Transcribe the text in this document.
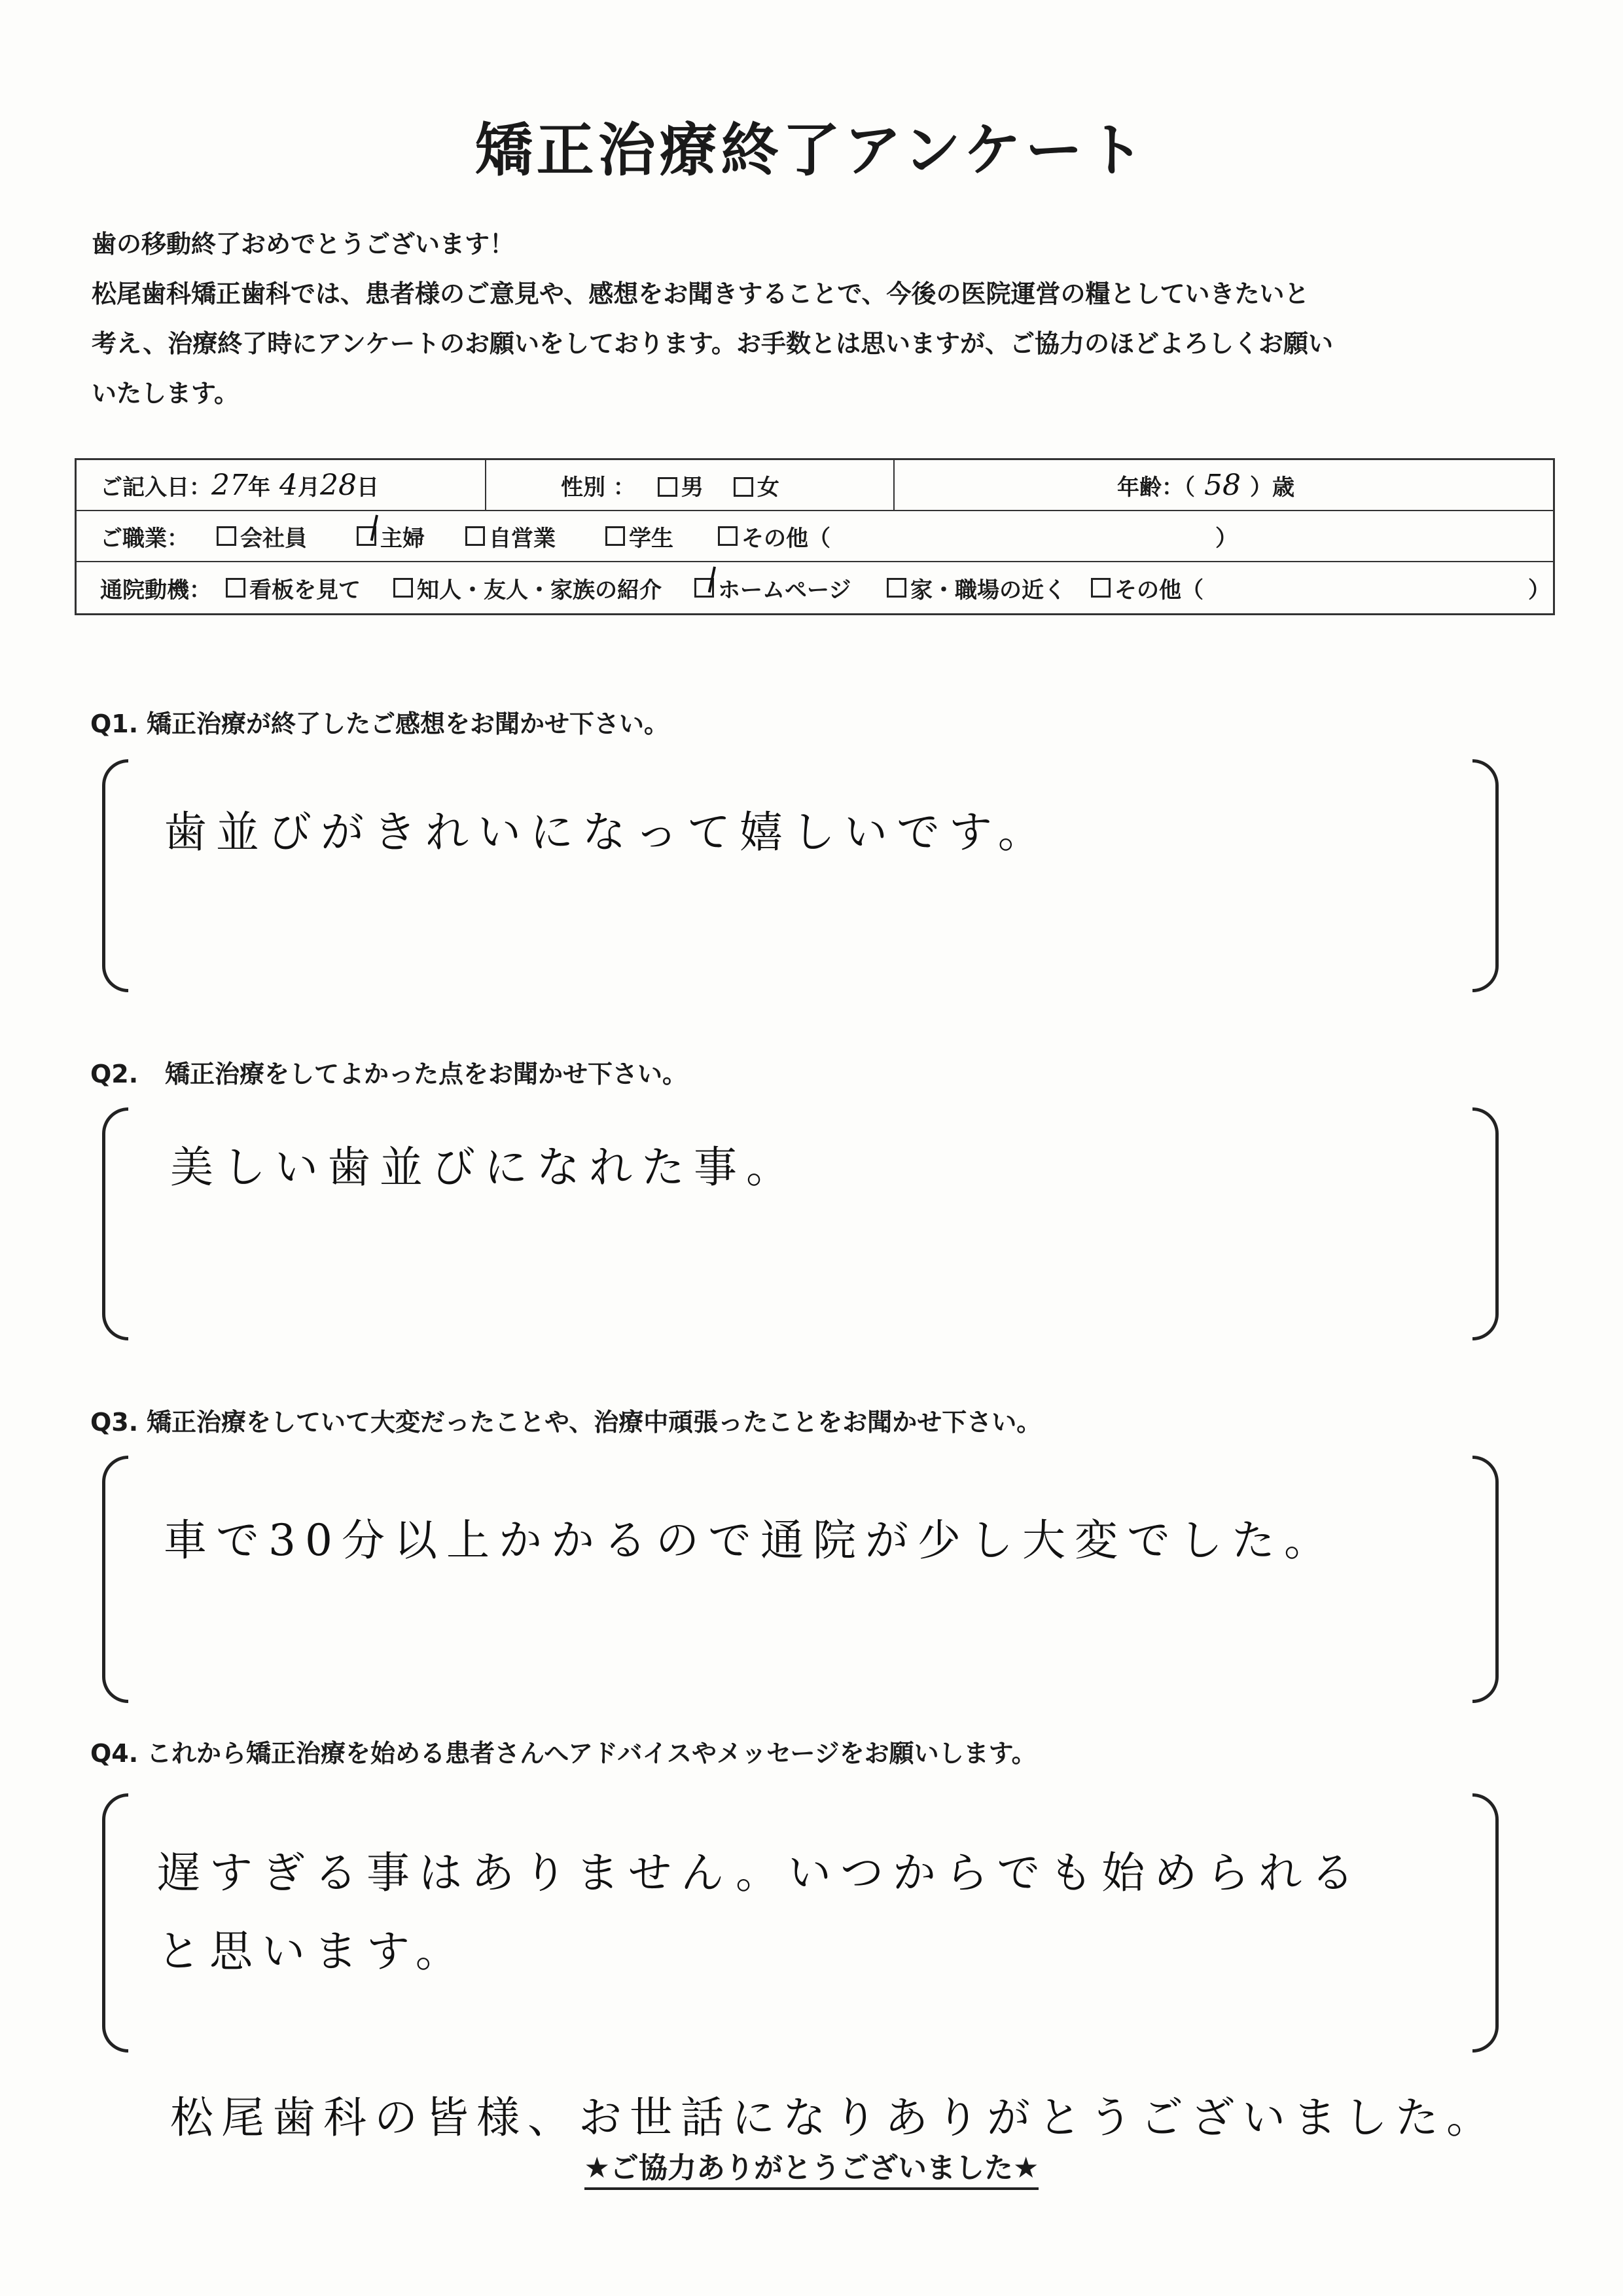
矯正治療終了アンケート

歯の移動終了おめでとうございます！

松尾歯科矯正歯科では、患者様のご意見や、感想をお聞きすることで、今後の医院運営の糧としていきたいと

考え、治療終了時にアンケートのお願いをしております。お手数とは思いますが、ご協力のほどよろしくお願い

いたします。

ご記入日： 27 年 4 月 28 日	性別 ：	男	女	年齢：（ 58 ）歳
ご職業： 会社員	主婦	自営業	学生	その他（	）
通院動機： 看板を見て	知人・友人・家族の紹介	ホームページ	家・職場の近く その他（	）
Q1. 矯正治療が終了したご感想をお聞かせ下さい。
歯並びがきれいになって嬉しいです。
Q2. 矯正治療をしてよかった点をお聞かせ下さい。
美しい歯並びになれた事。
Q3. 矯正治療をしていて大変だったことや、治療中頑張ったことをお聞かせ下さい。
車で30分以上かかるので通院が少し大変でした。
Q4. これから矯正治療を始める患者さんへアドバイスやメッセージをお願いします。
遅すぎる事はありません。いつからでも始められる
と思います。
松尾歯科の皆様、お世話になりありがとうございました。
★ご協力ありがとうございました★
